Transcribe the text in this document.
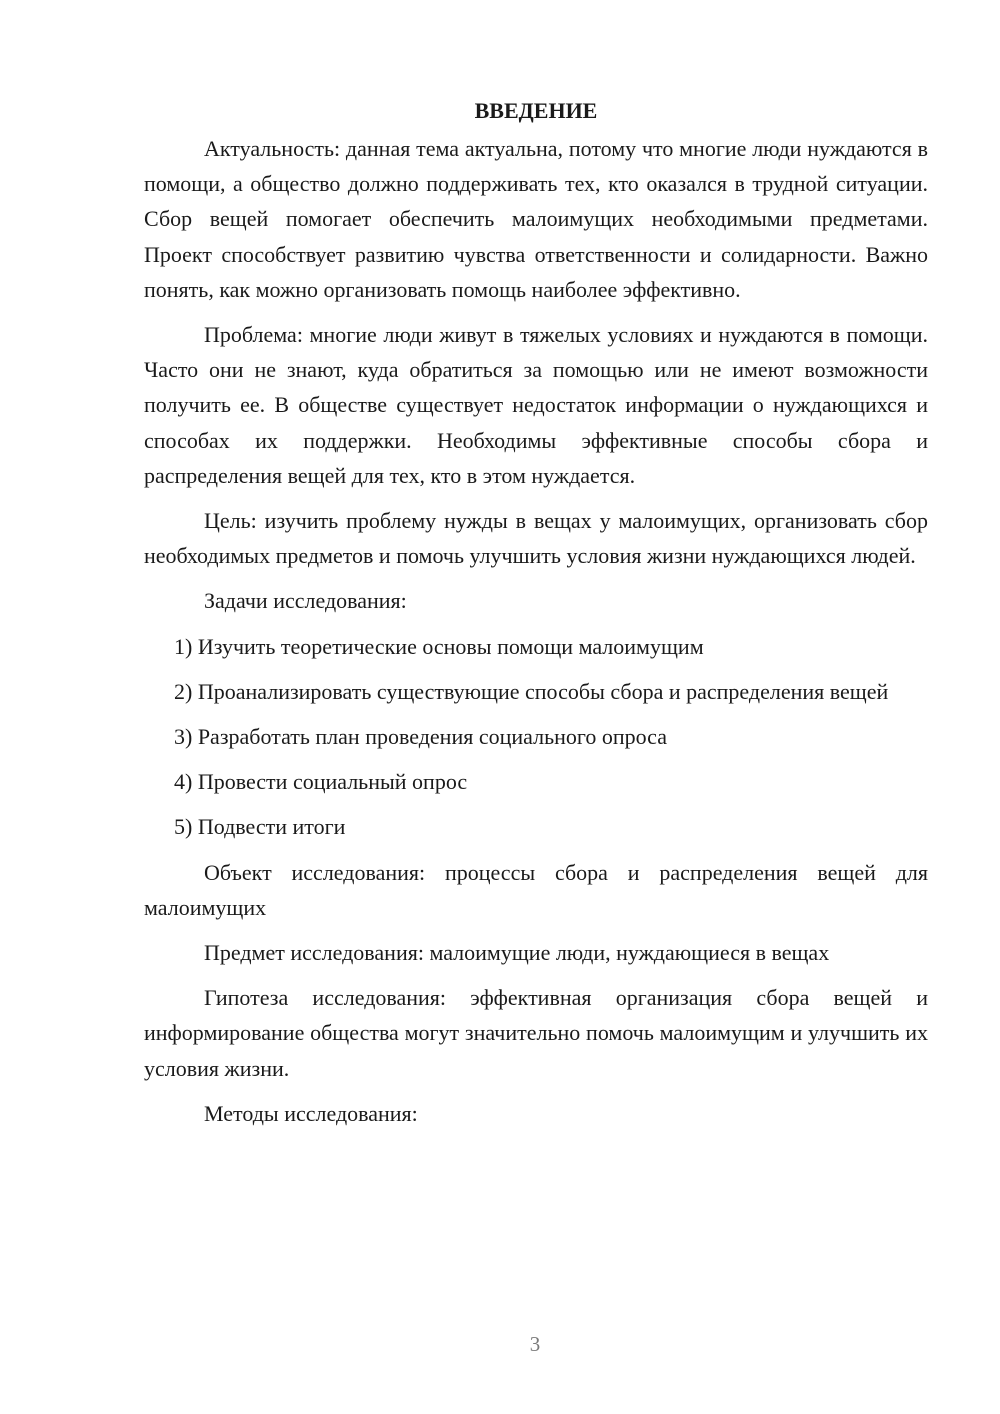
ВВЕДЕНИЕ

Актуальность: данная тема актуальна, потому что многие люди нуждаются в помощи, а общество должно поддерживать тех, кто оказался в трудной ситуации. Сбор вещей помогает обеспечить малоимущих необходимыми предметами. Проект способствует развитию чувства ответственности и солидарности. Важно понять, как можно организовать помощь наиболее эффективно.

Проблема: многие люди живут в тяжелых условиях и нуждаются в помощи. Часто они не знают, куда обратиться за помощью или не имеют возможности получить ее. В обществе существует недостаток информации о нуждающихся и способах их поддержки. Необходимы эффективные способы сбора и распределения вещей для тех, кто в этом нуждается.

Цель: изучить проблему нужды в вещах у малоимущих, организовать сбор необходимых предметов и помочь улучшить условия жизни нуждающихся людей.

Задачи исследования:

1) Изучить теоретические основы помощи малоимущим

2) Проанализировать существующие способы сбора и распределения вещей

3) Разработать план проведения социального опроса

4) Провести социальный опрос

5) Подвести итоги

Объект исследования: процессы сбора и распределения вещей для малоимущих

Предмет исследования: малоимущие люди, нуждающиеся в вещах

Гипотеза исследования: эффективная организация сбора вещей и информирование общества могут значительно помочь малоимущим и улучшить их условия жизни.

Методы исследования:

3
